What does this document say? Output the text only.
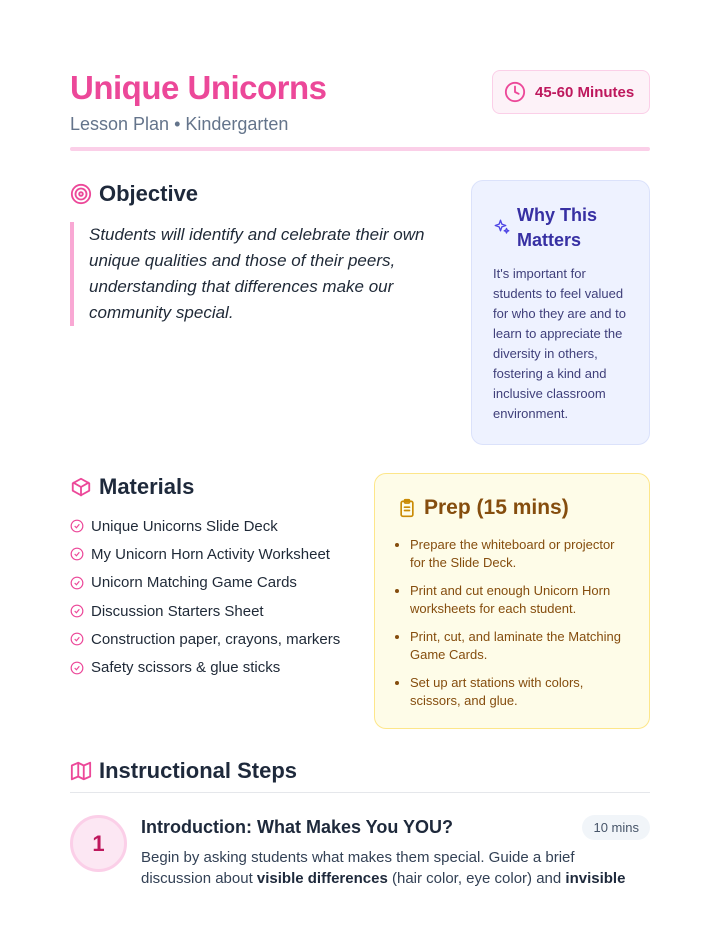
Unique Unicorns
Lesson Plan • Kindergarten
45-60 Minutes
Objective

Students will identify and celebrate their own unique qualities and those of their peers, understanding that differences make our community special.

Why This Matters

It's important for students to feel valued for who they are and to learn to appreciate the diversity in others, fostering a kind and inclusive classroom environment.

Materials
Unique Unicorns Slide Deck
My Unicorn Horn Activity Worksheet
Unicorn Matching Game Cards
Discussion Starters Sheet
Construction paper, crayons, markers
Safety scissors & glue sticks
Prep (15 mins)
• Prepare the whiteboard or projector for the Slide Deck.
• Print and cut enough Unicorn Horn worksheets for each student.
• Print, cut, and laminate the Matching Game Cards.
• Set up art stations with colors, scissors, and glue.
Instructional Steps
1
Introduction: What Makes You YOU?	10 mins

Begin by asking students what makes them special. Guide a brief discussion about visible differences (hair color, eye color) and invisible
